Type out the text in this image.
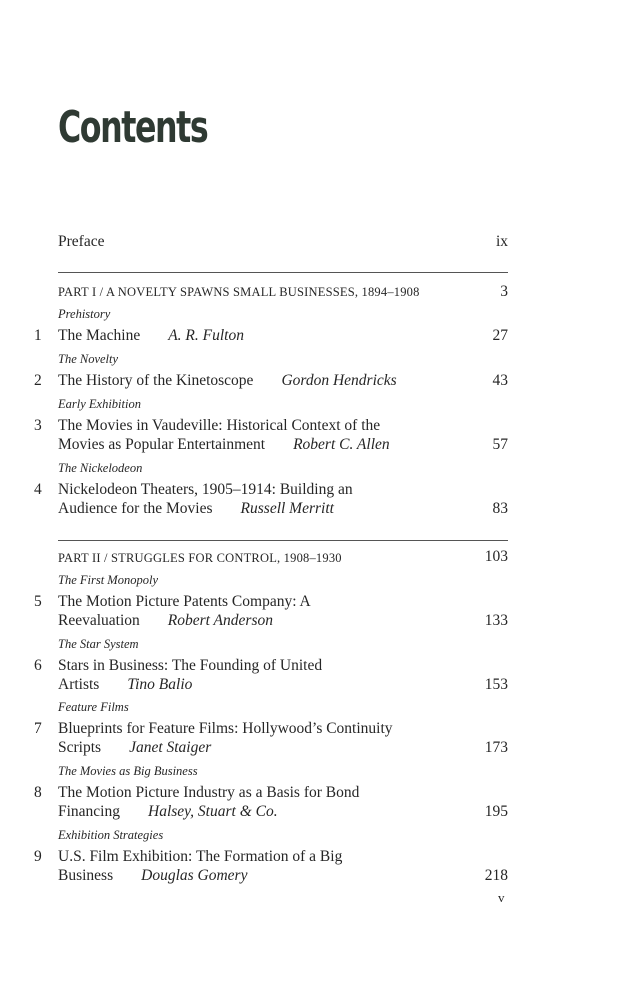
Contents
Preface	ix
PART I / A NOVELTY SPAWNS SMALL BUSINESSES, 1894–1908	3
Prehistory
1 The Machine A. R. Fulton	27
The Novelty
2 The History of the Kinetoscope Gordon Hendricks	43
Early Exhibition
3 The Movies in Vaudeville: Historical Context of the
Movies as Popular Entertainment Robert C. Allen	57
The Nickelodeon
4 Nickelodeon Theaters, 1905–1914: Building an
Audience for the Movies Russell Merritt	83
PART II / STRUGGLES FOR CONTROL, 1908–1930	103
The First Monopoly
5 The Motion Picture Patents Company: A
Reevaluation Robert Anderson	133
The Star System
6 Stars in Business: The Founding of United
Artists Tino Balio	153
Feature Films
7 Blueprints for Feature Films: Hollywood’s Continuity
Scripts Janet Staiger	173
The Movies as Big Business
8 The Motion Picture Industry as a Basis for Bond
Financing Halsey, Stuart & Co.	195
Exhibition Strategies
9 U.S. Film Exhibition: The Formation of a Big
Business Douglas Gomery	218
v
